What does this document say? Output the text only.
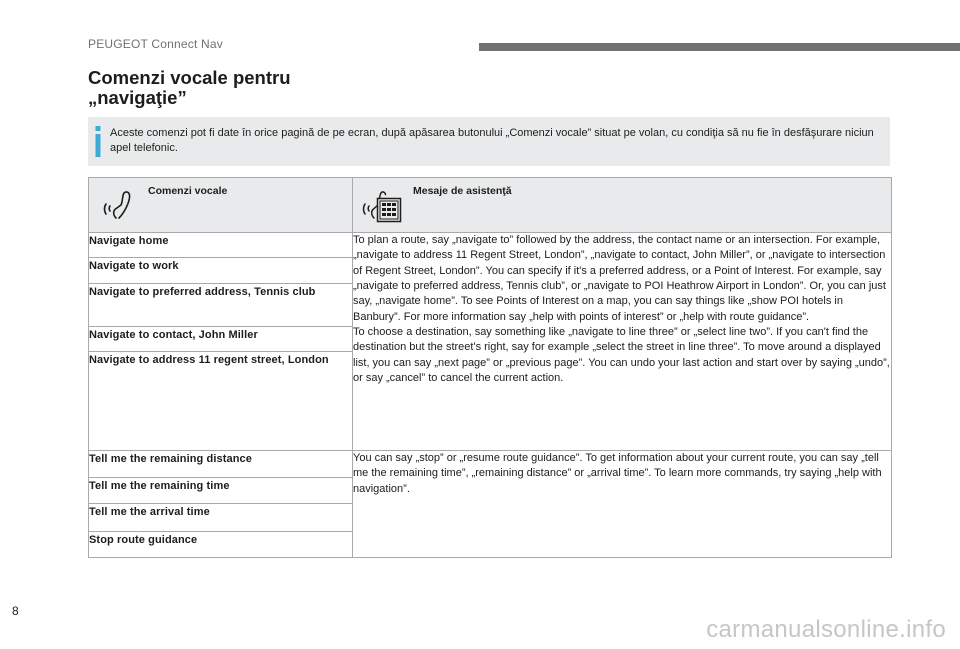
PEUGEOT Connect Nav
Comenzi vocale pentru
„navigaţie”
Aceste comenzi pot fi date în orice pagină de pe ecran, după apăsarea butonului „Comenzi vocale” situat pe volan, cu condiţia să nu fie în desfăşurare niciun apel telefonic.
Comenzi vocale	Mesaje de asistenţă

Navigate home	To plan a route, say „navigate to” followed by the address, the contact name or an intersection. For example, „navigate to address 11 Regent Street, London”, „navigate to contact, John Miller”, or „navigate to intersection of Regent Street, London”. You can specify if it's a preferred address, or a Point of Interest. For example, say „navigate to preferred address, Tennis club”, or „navigate to POI Heathrow Airport in London”. Or, you can just say, „navigate home”. To see Points of Interest on a map, you can say things like „show POI hotels in Banbury”. For more information say „help with points of interest” or „help with route guidance”.

To choose a destination, say something like „navigate to line three” or „select line two”. If you can't find the destination but the street's right, say for example „select the street in line three”. To move around a displayed list, you can say „next page” or „previous page”. You can undo your last action and start over by saying „undo”, or say „cancel” to cancel the current action.

Navigate to work	
Navigate to preferred address, Tennis club	
Navigate to contact, John Miller	
Navigate to address 11 regent street, London	
Tell me the remaining distance	You can say „stop” or „resume route guidance”. To get information about your current route, you can say „tell me the remaining time”, „remaining distance” or „arrival time”. To learn more commands, try saying „help with navigation”.

Tell me the remaining time	
Tell me the arrival time	
Stop route guidance	
8
carmanualsonline.info
